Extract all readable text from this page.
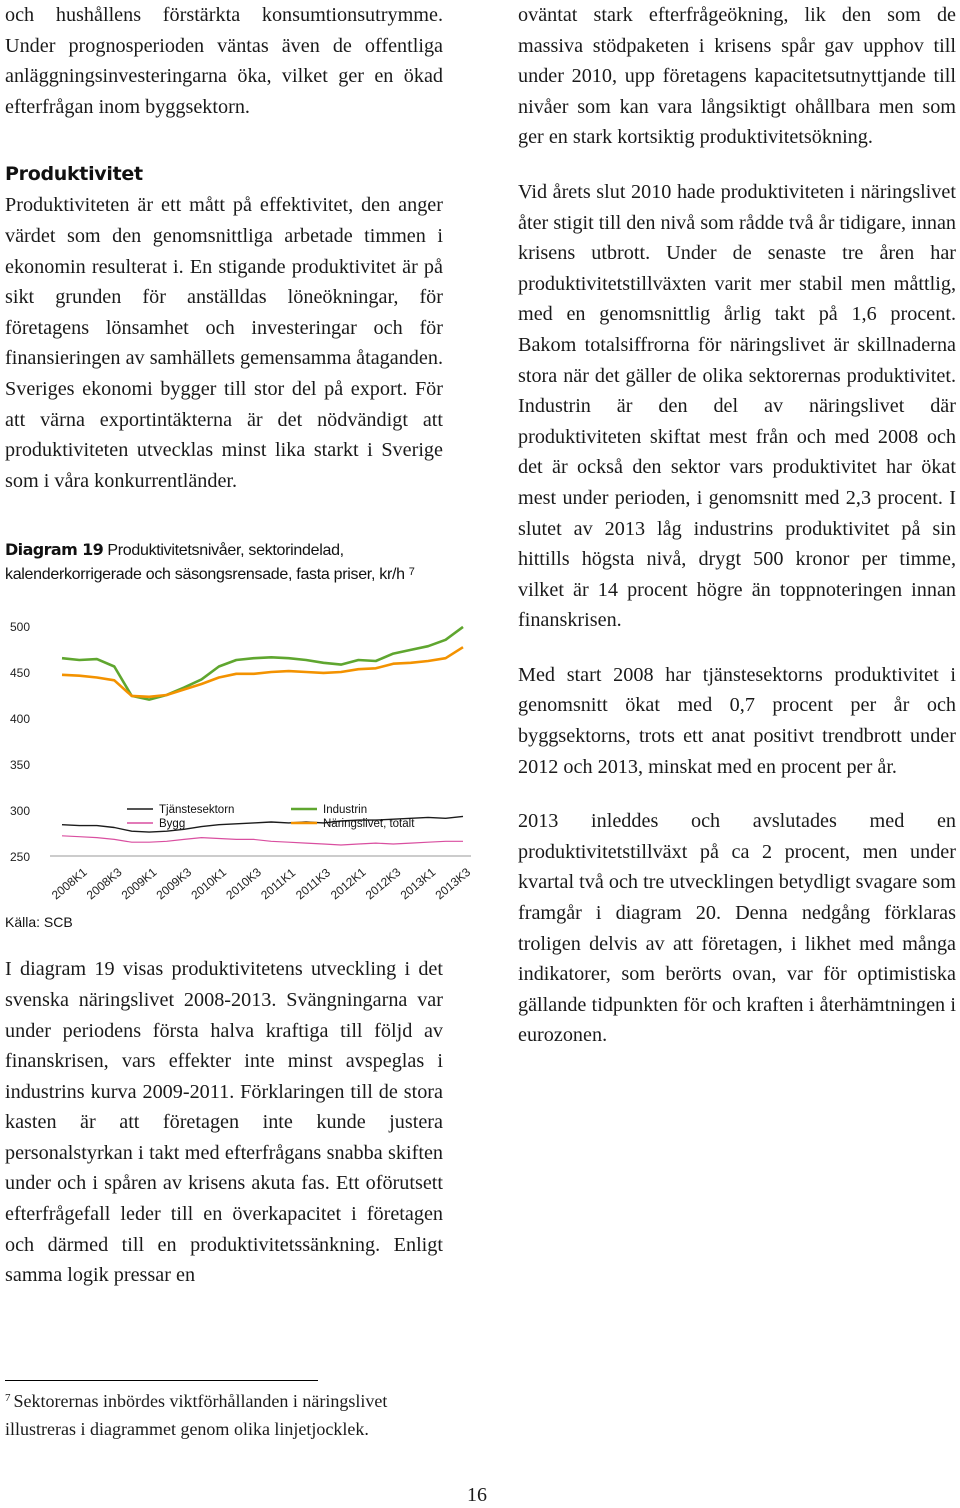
och hushållens förstärkta konsumtionsutrymme. Under prognosperioden väntas även de offentliga anläggningsinvesteringarna öka, vilket ger en ökad efterfrågan inom byggsektorn.

Produktivitet

Produktiviteten är ett mått på effektivitet, den anger värdet som den genomsnittliga arbetade timmen i ekonomin resulterat i. En stigande produktivitet är på sikt grunden för anställdas löneökningar, för företagens lönsamhet och investeringar och för finansieringen av samhällets gemensamma åtaganden. Sveriges ekonomi bygger till stor del på export. För att värna exportintäkterna är det nödvändigt att produktiviteten utvecklas minst lika starkt i Sverige som i våra konkurrentländer.

Diagram 19 Produktivitetsnivåer, sektorindelad, kalenderkorrigerade och säsongsrensade, fasta priser, kr/h $^7$
500
450
400
350
300
250
2008K1
2008K3
2009K1
2009K3
2010K1
2010K3
2011K1
2011K3
2012K1
2012K3
2013K1
2013K3
Tjänstesektorn
Bygg
Industrin
Näringslivet, totalt
Källa: SCB

I diagram 19 visas produktivitetens utveckling i det svenska näringslivet 2008-2013. Svängningarna var under periodens första halva kraftiga till följd av finanskrisen, vars effekter inte minst avspeglas i industrins kurva 2009-2011. Förklaringen till de stora kasten är att företagen inte kunde justera personalstyrkan i takt med efterfrågans snabba skiften under och i spåren av krisens akuta fas. Ett oförutsett efterfrågefall leder till en överkapacitet i företagen och därmed till en produktivitetssänkning. Enligt samma logik pressar en

oväntat stark efterfrågeökning, lik den som de massiva stödpaketen i krisens spår gav upphov till under 2010, upp företagens kapacitetsutnyttjande till nivåer som kan vara långsiktigt ohållbara men som ger en stark kortsiktig produktivitetsökning.

Vid årets slut 2010 hade produktiviteten i näringslivet åter stigit till den nivå som rådde två år tidigare, innan krisens utbrott. Under de senaste tre åren har produktivitetstillväxten varit mer stabil men måttlig, med en genomsnittlig årlig takt på 1,6 procent. Bakom totalsiffrorna för näringslivet är skillnaderna stora när det gäller de olika sektorernas produktivitet. Industrin är den del av näringslivet där produktiviteten skiftat mest från och med 2008 och det är också den sektor vars produktivitet har ökat mest under perioden, i genomsnitt med 2,3 procent. I slutet av 2013 låg industrins produktivitet på sin hittills högsta nivå, drygt 500 kronor per timme, vilket är 14 procent högre än toppnoteringen innan finanskrisen.

Med start 2008 har tjänstesektorns produktivitet i genomsnitt ökat med 0,7 procent per år och byggsektorns, trots ett anat positivt trendbrott under 2012 och 2013, minskat med en procent per år.

2013 inleddes och avslutades med en produktivitetstillväxt på ca 2 procent, men under kvartal två och tre utvecklingen betydligt svagare som framgår i diagram 20. Denna nedgång förklaras troligen delvis av att företagen, i likhet med många indikatorer, som berörts ovan, var för optimistiska gällande tidpunkten för och kraften i återhämtningen i eurozonen.

$^7$ Sektorernas inbördes viktförhållanden i näringslivet illustreras i diagrammet genom olika linjetjocklek.

16
